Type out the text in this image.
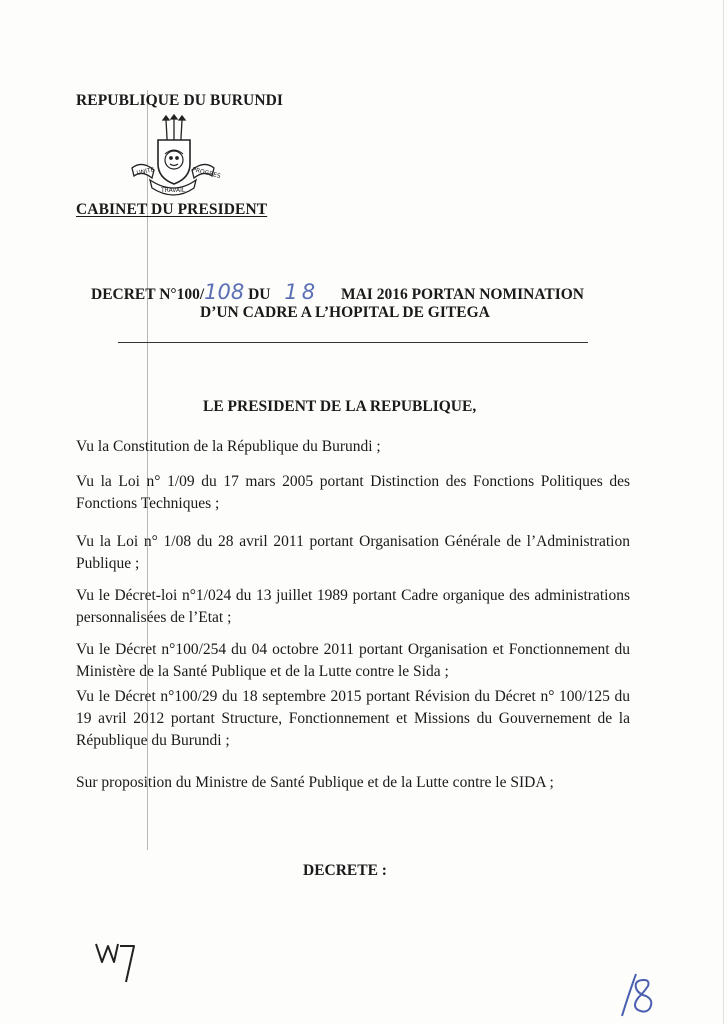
REPUBLIQUE DU BURUNDI
UNITE
TRAVAIL
PROGRES
CABINET DU PRESIDENT
DECRET N°100/108 DU 18 MAI 2016 PORTAN NOMINATION
D’UN CADRE A L’HOPITAL DE GITEGA
LE PRESIDENT DE LA REPUBLIQUE,
Vu la Constitution de la République du Burundi ;
Vu la Loi n° 1/09 du 17 mars 2005 portant Distinction des Fonctions Politiques des Fonctions Techniques ;
Vu la Loi n° 1/08 du 28 avril 2011 portant Organisation Générale de l’Administration Publique ;
Vu le Décret-loi n°1/024 du 13 juillet 1989 portant Cadre organique des administrations personnalisées de l’Etat ;
Vu le Décret n°100/254 du 04 octobre 2011 portant Organisation et Fonctionnement du Ministère de la Santé Publique et de la Lutte contre le Sida ;
Vu le Décret n°100/29 du 18 septembre 2015 portant Révision du Décret n° 100/125 du 19 avril 2012 portant Structure, Fonctionnement et Missions du Gouvernement de la République du Burundi ;
Sur proposition du Ministre de Santé Publique et de la Lutte contre le SIDA ;
DECRETE :
